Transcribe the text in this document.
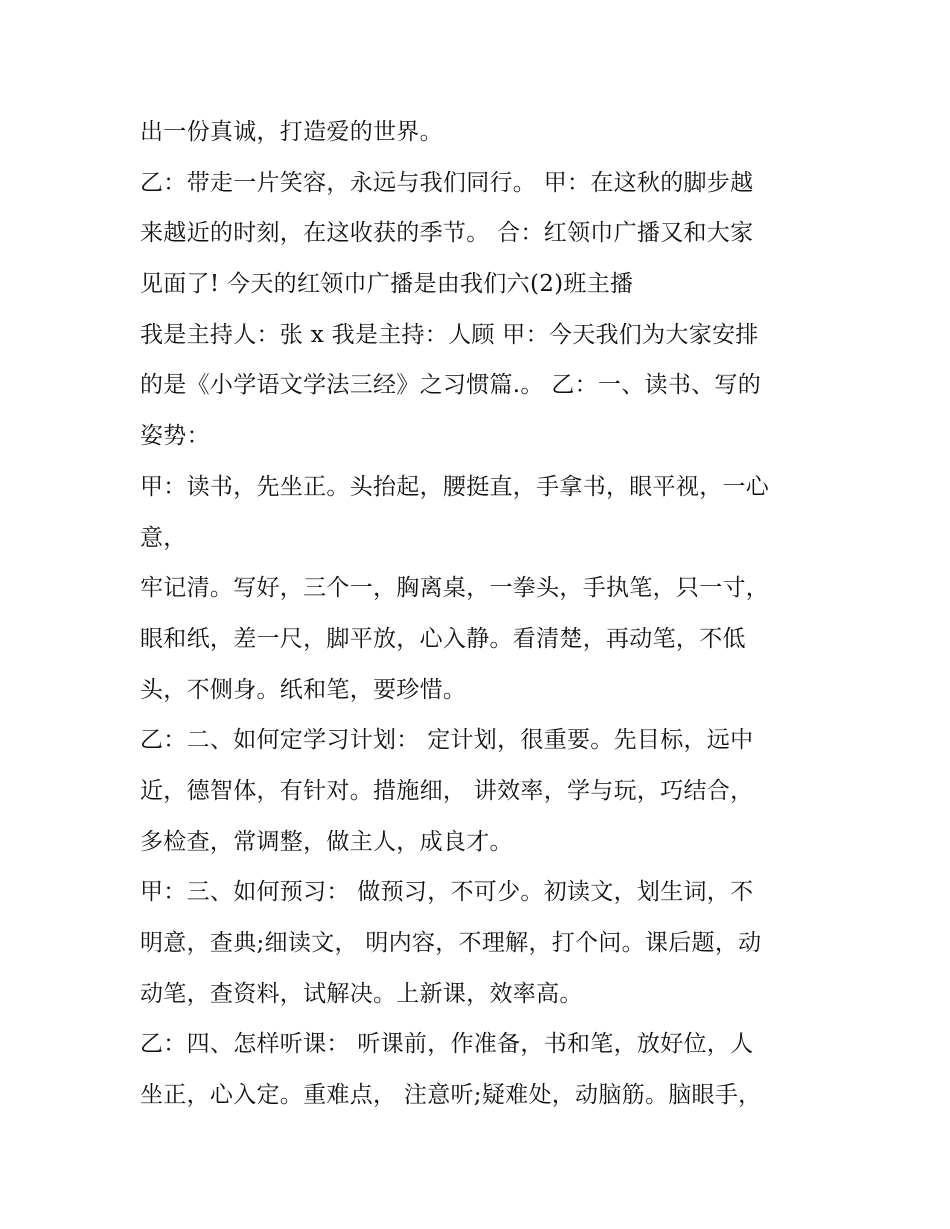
出一份真诚，打造爱的世界。
乙：带走一片笑容，永远与我们同行。 甲：在这秋的脚步越
来越近的时刻，在这收获的季节。 合：红领巾广播又和大家
见面了! 今天的红领巾广播是由我们六(2)班主播
我是主持人：张 x 我是主持：人顾 甲：今天我们为大家安排
的是《小学语文学法三经》之习惯篇.。 乙：一、读书、写的
姿势：
甲：读书，先坐正。头抬起，腰挺直，手拿书，眼平视，一心
意，
牢记清。写好，三个一，胸离桌，一拳头，手执笔，只一寸，
眼和纸，差一尺，脚平放，心入静。看清楚，再动笔，不低
头，不侧身。纸和笔，要珍惜。
乙：二、如何定学习计划： 定计划，很重要。先目标，远中
近，德智体，有针对。措施细， 讲效率，学与玩，巧结合，
多检查，常调整，做主人，成良才。
甲：三、如何预习： 做预习，不可少。初读文，划生词，不
明意，查典;细读文， 明内容，不理解，打个问。课后题，动
动笔，查资料，试解决。上新课，效率高。
乙：四、怎样听课： 听课前，作准备，书和笔，放好位，人
坐正，心入定。重难点， 注意听;疑难处，动脑筋。脑眼手，
